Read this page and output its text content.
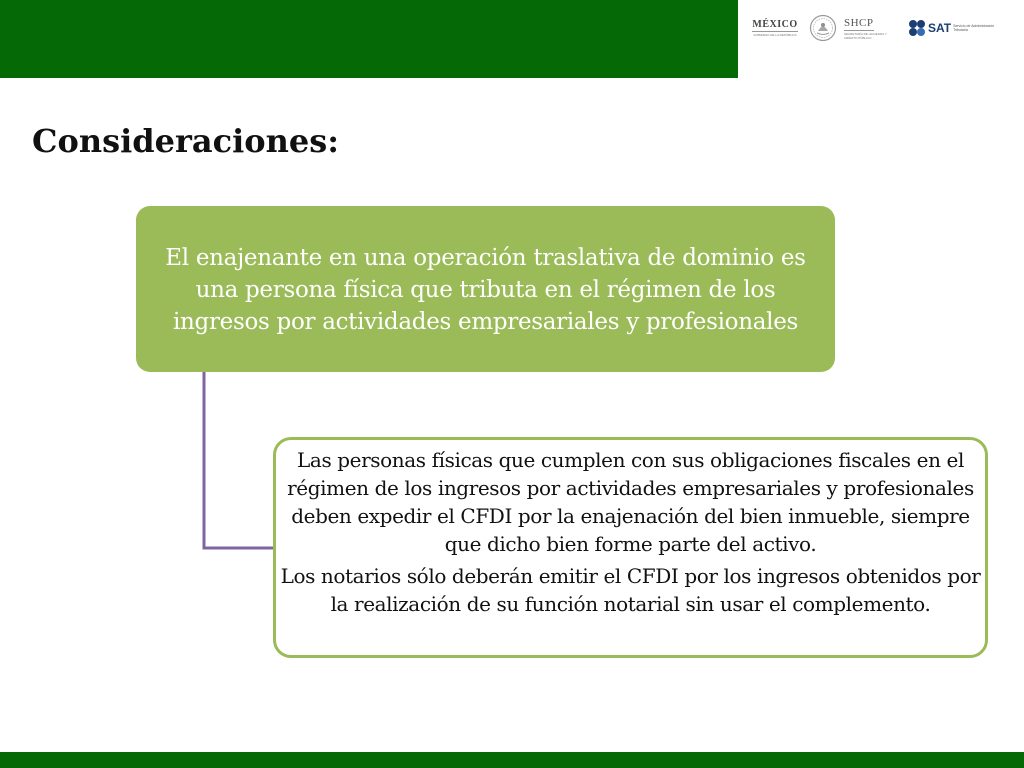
MÉXICO
GOBIERNO DE LA REPÚBLICA
SHCP
SECRETARÍA DE HACIENDA Y CRÉDITO PÚBLICO
SAT Servicio de Administración Tributaria
Consideraciones:
El enajenante en una operación traslativa de dominio es una persona física que tributa en el régimen de los ingresos por actividades empresariales y profesionales

Las personas físicas que cumplen con sus obligaciones fiscales en el régimen de los ingresos por actividades empresariales y profesionales deben expedir el CFDI por la enajenación del bien inmueble, siempre que dicho bien forme parte del activo.

Los notarios sólo deberán emitir el CFDI por los ingresos obtenidos por la realización de su función notarial sin usar el complemento.
